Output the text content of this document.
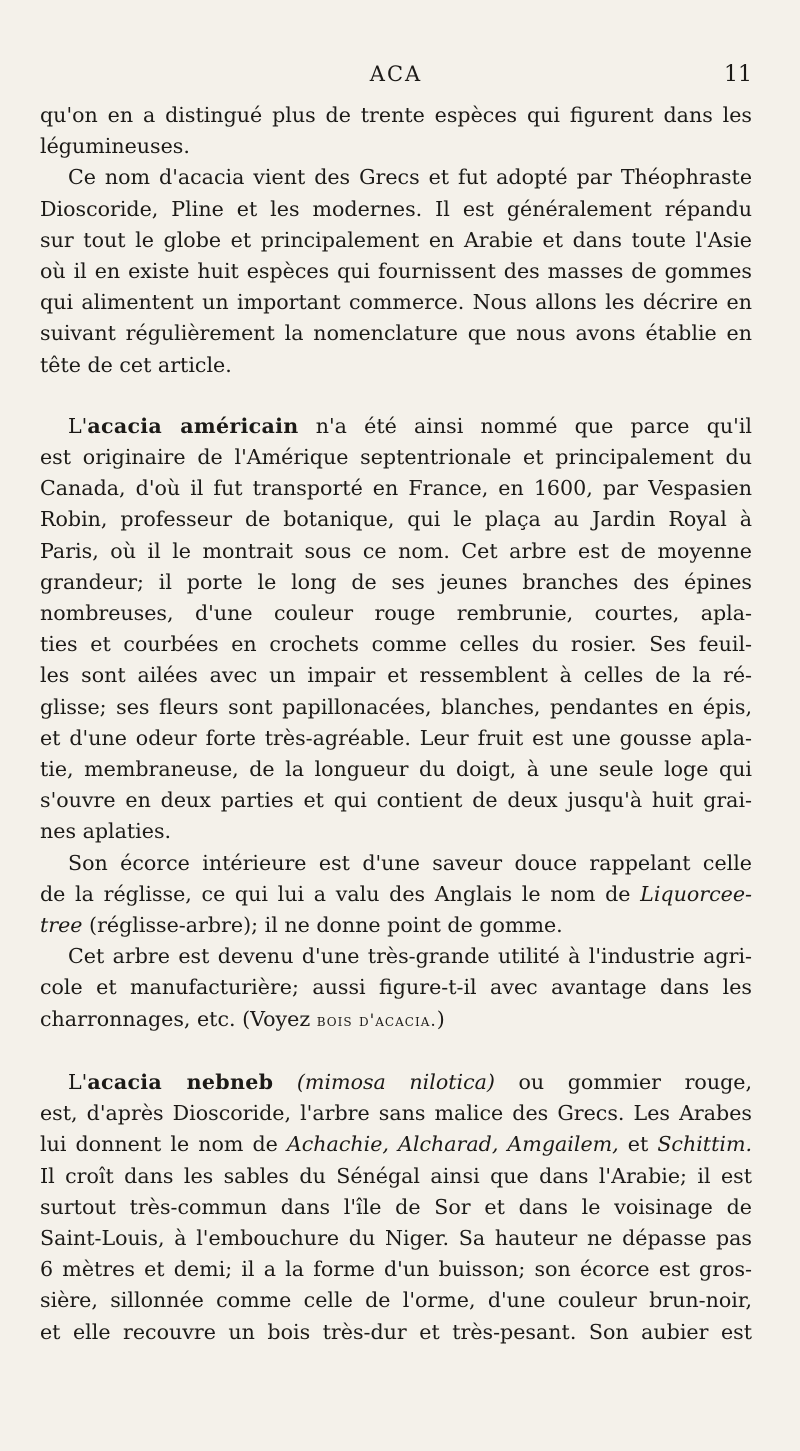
ACA	11
qu'on en a distingué plus de trente espèces qui figurent dans les
légumineuses.
Ce nom d'acacia vient des Grecs et fut adopté par Théophraste
Dioscoride, Pline et les modernes. Il est généralement répandu
sur tout le globe et principalement en Arabie et dans toute l'Asie
où il en existe huit espèces qui fournissent des masses de gommes
qui alimentent un important commerce. Nous allons les décrire en
suivant régulièrement la nomenclature que nous avons établie en
tête de cet article.
L'acacia américain n'a été ainsi nommé que parce qu'il
est originaire de l'Amérique septentrionale et principalement du
Canada, d'où il fut transporté en France, en 1600, par Vespasien
Robin, professeur de botanique, qui le plaça au Jardin Royal à
Paris, où il le montrait sous ce nom. Cet arbre est de moyenne
grandeur; il porte le long de ses jeunes branches des épines
nombreuses, d'une couleur rouge rembrunie, courtes, apla-
ties et courbées en crochets comme celles du rosier. Ses feuil-
les sont ailées avec un impair et ressemblent à celles de la ré-
glisse; ses fleurs sont papillonacées, blanches, pendantes en épis,
et d'une odeur forte très-agréable. Leur fruit est une gousse apla-
tie, membraneuse, de la longueur du doigt, à une seule loge qui
s'ouvre en deux parties et qui contient de deux jusqu'à huit grai-
nes aplaties.
Son écorce intérieure est d'une saveur douce rappelant celle
de la réglisse, ce qui lui a valu des Anglais le nom de Liquorcee-
tree (réglisse-arbre); il ne donne point de gomme.
Cet arbre est devenu d'une très-grande utilité à l'industrie agri-
cole et manufacturière; aussi figure-t-il avec avantage dans les
charronnages, etc. (Voyez bois d'acacia.)
L'acacia nebneb (mimosa nilotica) ou gommier rouge,
est, d'après Dioscoride, l'arbre sans malice des Grecs. Les Arabes
lui donnent le nom de Achachie, Alcharad, Amgailem, et Schittim.
Il croît dans les sables du Sénégal ainsi que dans l'Arabie; il est
surtout très-commun dans l'île de Sor et dans le voisinage de
Saint-Louis, à l'embouchure du Niger. Sa hauteur ne dépasse pas
6 mètres et demi; il a la forme d'un buisson; son écorce est gros-
sière, sillonnée comme celle de l'orme, d'une couleur brun-noir,
et elle recouvre un bois très-dur et très-pesant. Son aubier est
